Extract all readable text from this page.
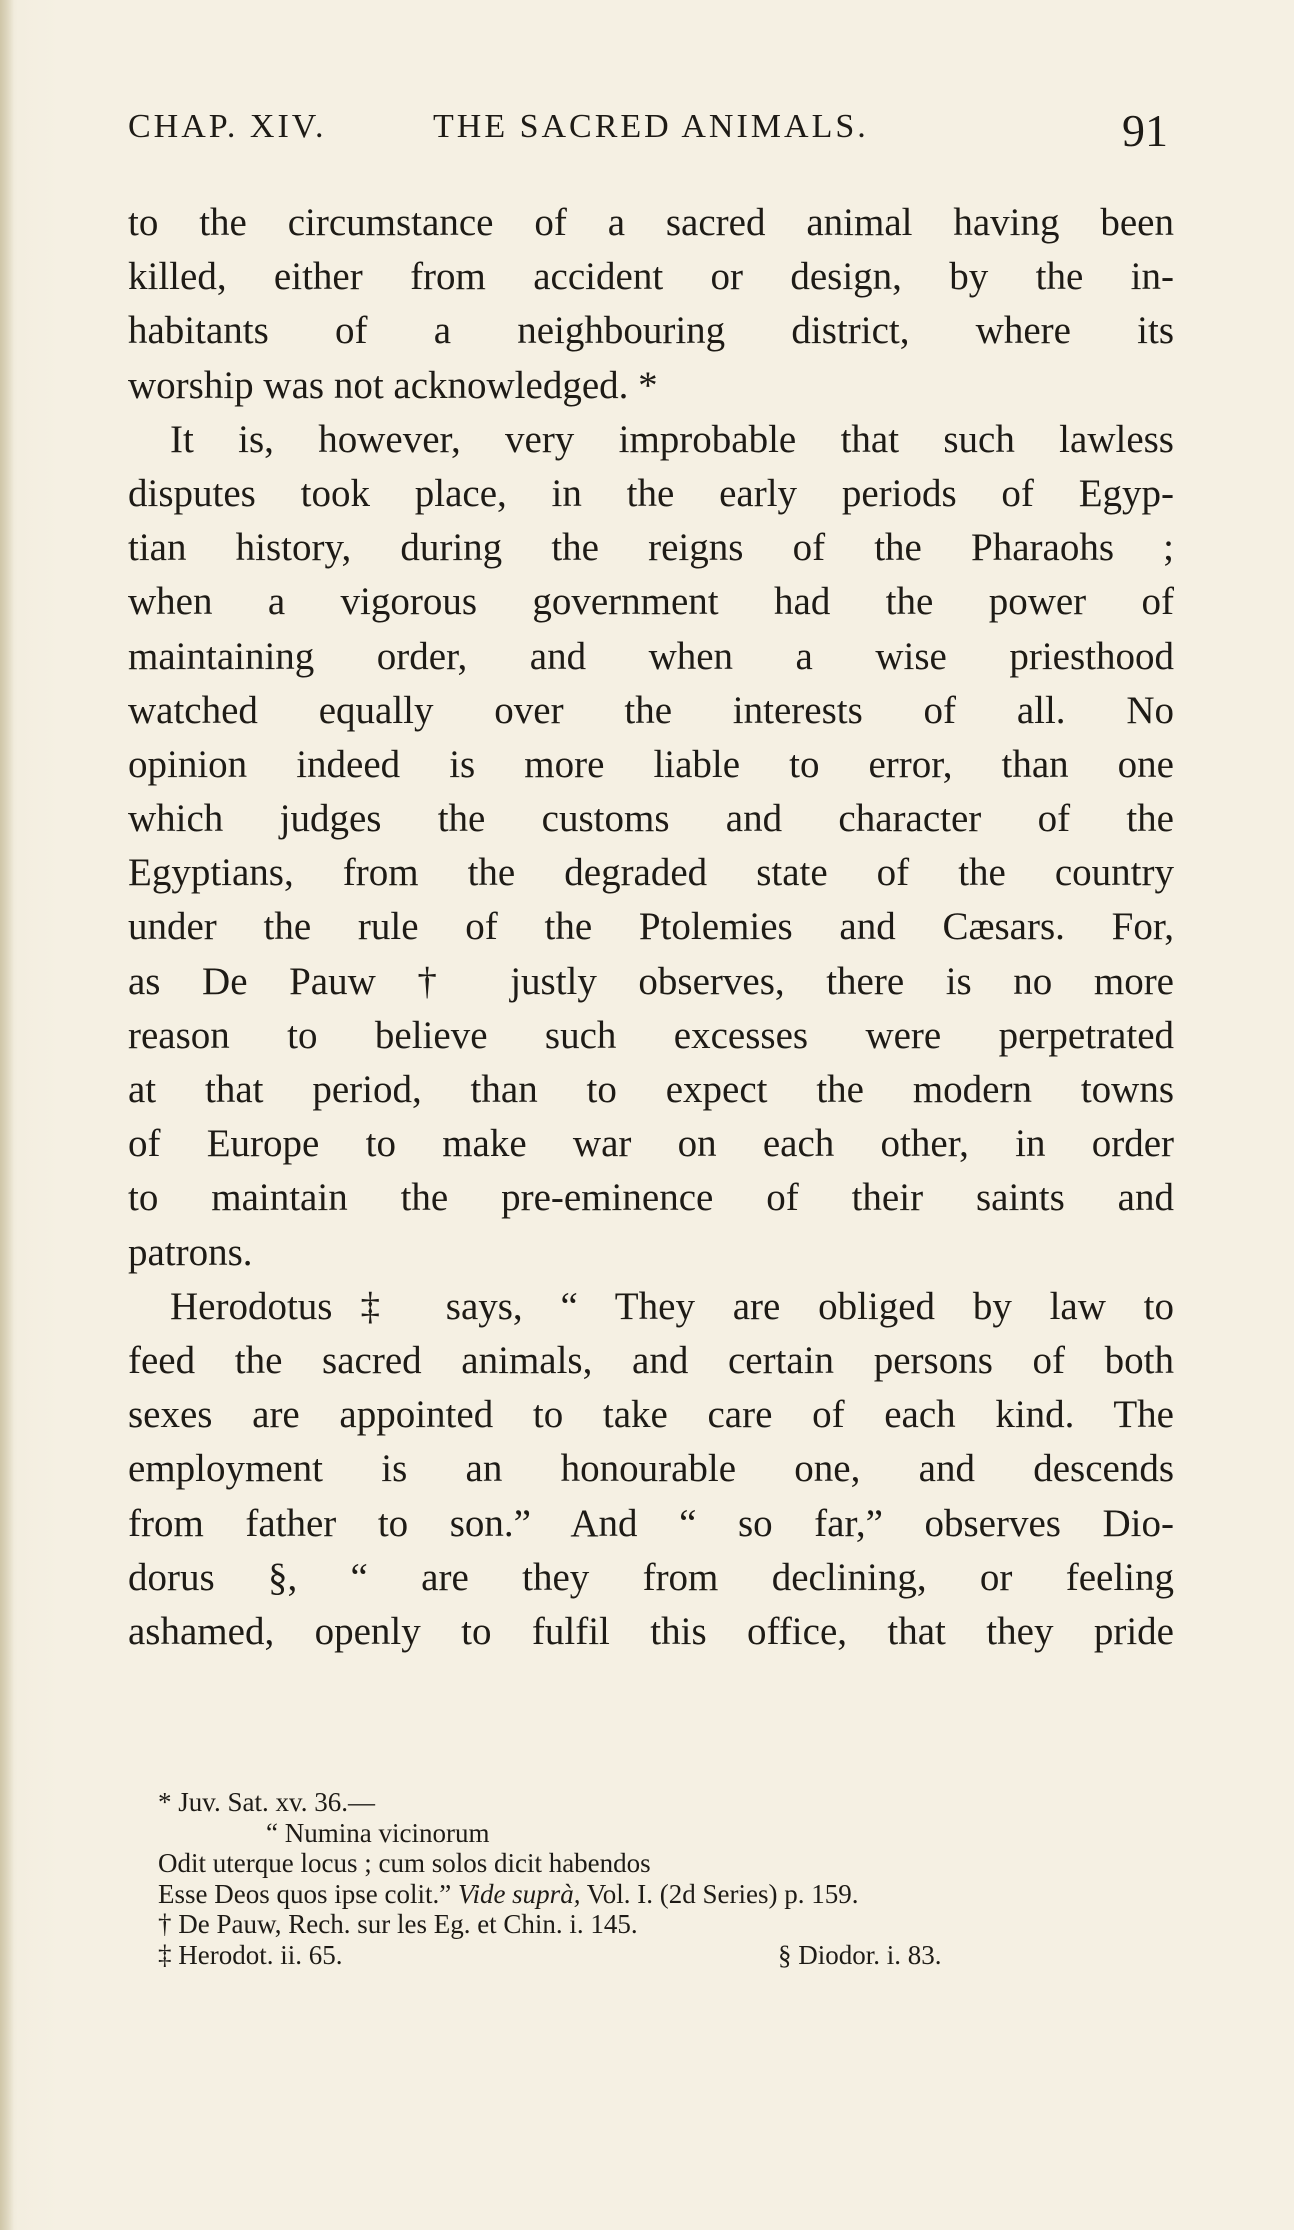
CHAP. XIV.	THE SACRED ANIMALS.	91
to the circumstance of a sacred animal having been
killed, either from accident or design, by the in-
habitants of a neighbouring district, where its
worship was not acknowledged. *
It is, however, very improbable that such lawless
disputes took place, in the early periods of Egyp-
tian history, during the reigns of the Pharaohs ;
when a vigorous government had the power of
maintaining order, and when a wise priesthood
watched equally over the interests of all. No
opinion indeed is more liable to error, than one
which judges the customs and character of the
Egyptians, from the degraded state of the country
under the rule of the Ptolemies and Cæsars. For,
as De Pauw † justly observes, there is no more
reason to believe such excesses were perpetrated
at that period, than to expect the modern towns
of Europe to make war on each other, in order
to maintain the pre-eminence of their saints and
patrons.
Herodotus‡ says, “ They are obliged by law to
feed the sacred animals, and certain persons of both
sexes are appointed to take care of each kind. The
employment is an honourable one, and descends
from father to son.” And “ so far,” observes Dio-
dorus §, “ are they from declining, or feeling
ashamed, openly to fulfil this office, that they pride
* Juv. Sat. xv. 36.—
“ Numina vicinorum
Odit uterque locus ; cum solos dicit habendos
Esse Deos quos ipse colit.” Vide suprà, Vol. I. (2d Series) p. 159.
† De Pauw, Rech. sur les Eg. et Chin. i. 145.
‡ Herodot. ii. 65.	§ Diodor. i. 83.
